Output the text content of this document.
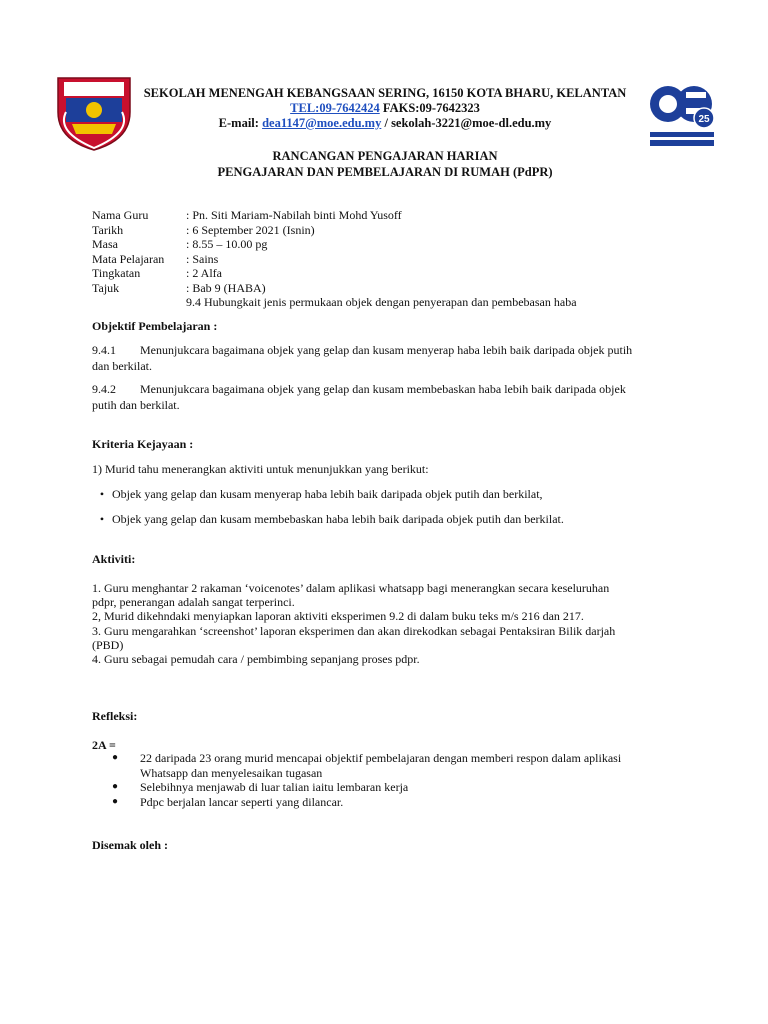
25
SEKOLAH MENENGAH KEBANGSAAN SERING, 16150 KOTA BHARU, KELANTAN
TEL:09-7642424 FAKS:09-7642323
E-mail: dea1147@moe.edu.my / sekolah-3221@moe-dl.edu.my
RANCANGAN PENGAJARAN HARIAN
PENGAJARAN DAN PEMBELAJARAN DI RUMAH (PdPR)
Nama Guru	: Pn. Siti Mariam-Nabilah binti Mohd Yusoff
Tarikh	: 6 September 2021 (Isnin)
Masa	: 8.55 – 10.00 pg
Mata Pelajaran	: Sains
Tingkatan	: 2 Alfa
Tajuk	: Bab 9 (HABA)
9.4 Hubungkait jenis permukaan objek dengan penyerapan dan pembebasan haba
Objektif Pembelajaran :
9.4.1	Menunjukcara bagaimana objek yang gelap dan kusam menyerap haba lebih baik daripada objek putih
dan berkilat.
9.4.2	Menunjukcara bagaimana objek yang gelap dan kusam membebaskan haba lebih baik daripada objek
putih dan berkilat.
Kriteria Kejayaan :
1) Murid tahu menerangkan aktiviti untuk menunjukkan yang berikut:
• Objek yang gelap dan kusam menyerap haba lebih baik daripada objek putih dan berkilat,
• Objek yang gelap dan kusam membebaskan haba lebih baik daripada objek putih dan berkilat.
Aktiviti:
1. Guru menghantar 2 rakaman ‘voicenotes’ dalam aplikasi whatsapp bagi menerangkan secara keseluruhan
pdpr, penerangan adalah sangat terperinci.
2, Murid dikehndaki menyiapkan laporan aktiviti eksperimen 9.2 di dalam buku teks m/s 216 dan 217.
3. Guru mengarahkan ‘screenshot’ laporan eksperimen dan akan direkodkan sebagai Pentaksiran Bilik darjah
(PBD)
4. Guru sebagai pemudah cara / pembimbing sepanjang proses pdpr.
Refleksi:
2A =
●	22 daripada 23 orang murid mencapai objektif pembelajaran dengan memberi respon dalam aplikasi
Whatsapp dan menyelesaikan tugasan
●	Selebihnya menjawab di luar talian iaitu lembaran kerja
●	Pdpc berjalan lancar seperti yang dilancar.
Disemak oleh :
